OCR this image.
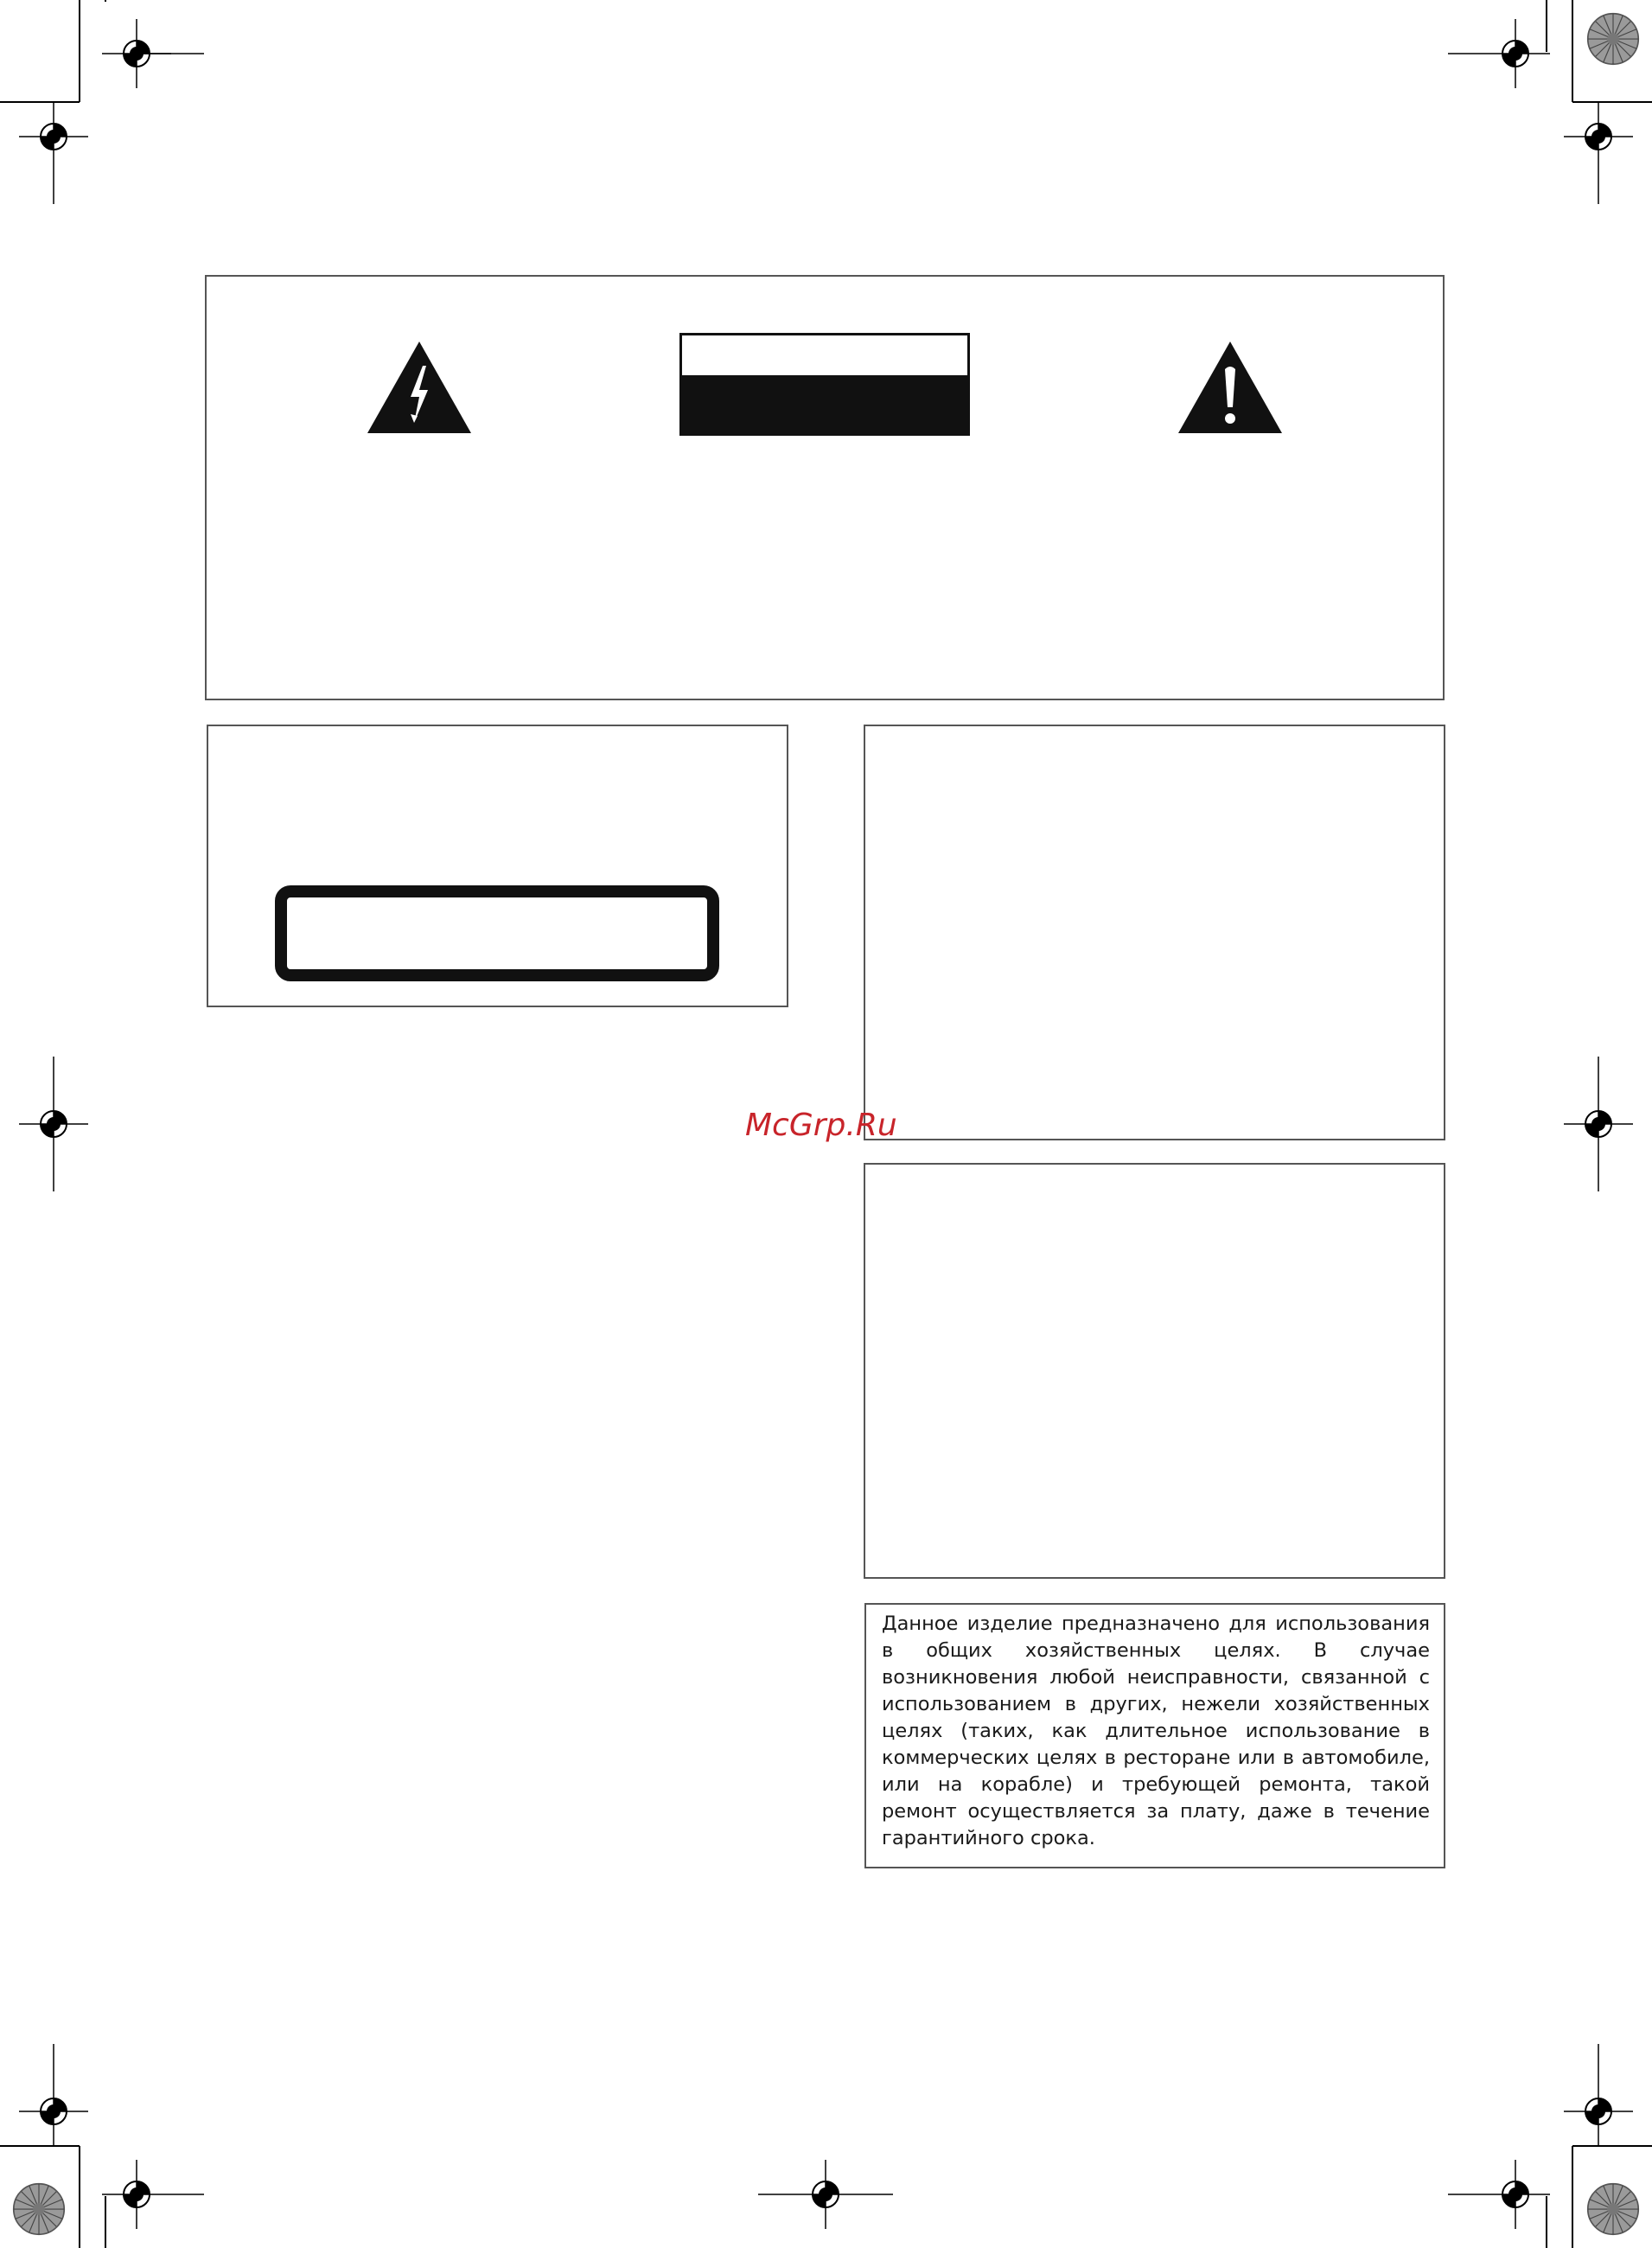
McGrp.Ru

Данное изделие предназначено для использования в общих хозяйственных целях. В случае возникновения любой неисправности, связанной с использованием в других, нежели хозяйственных целях (таких, как длительное использование в коммерческих целях в ресторане или в автомобиле, или на корабле) и требующей ремонта, такой ремонт осуществляется за плату, даже в течение гарантийного срока.
